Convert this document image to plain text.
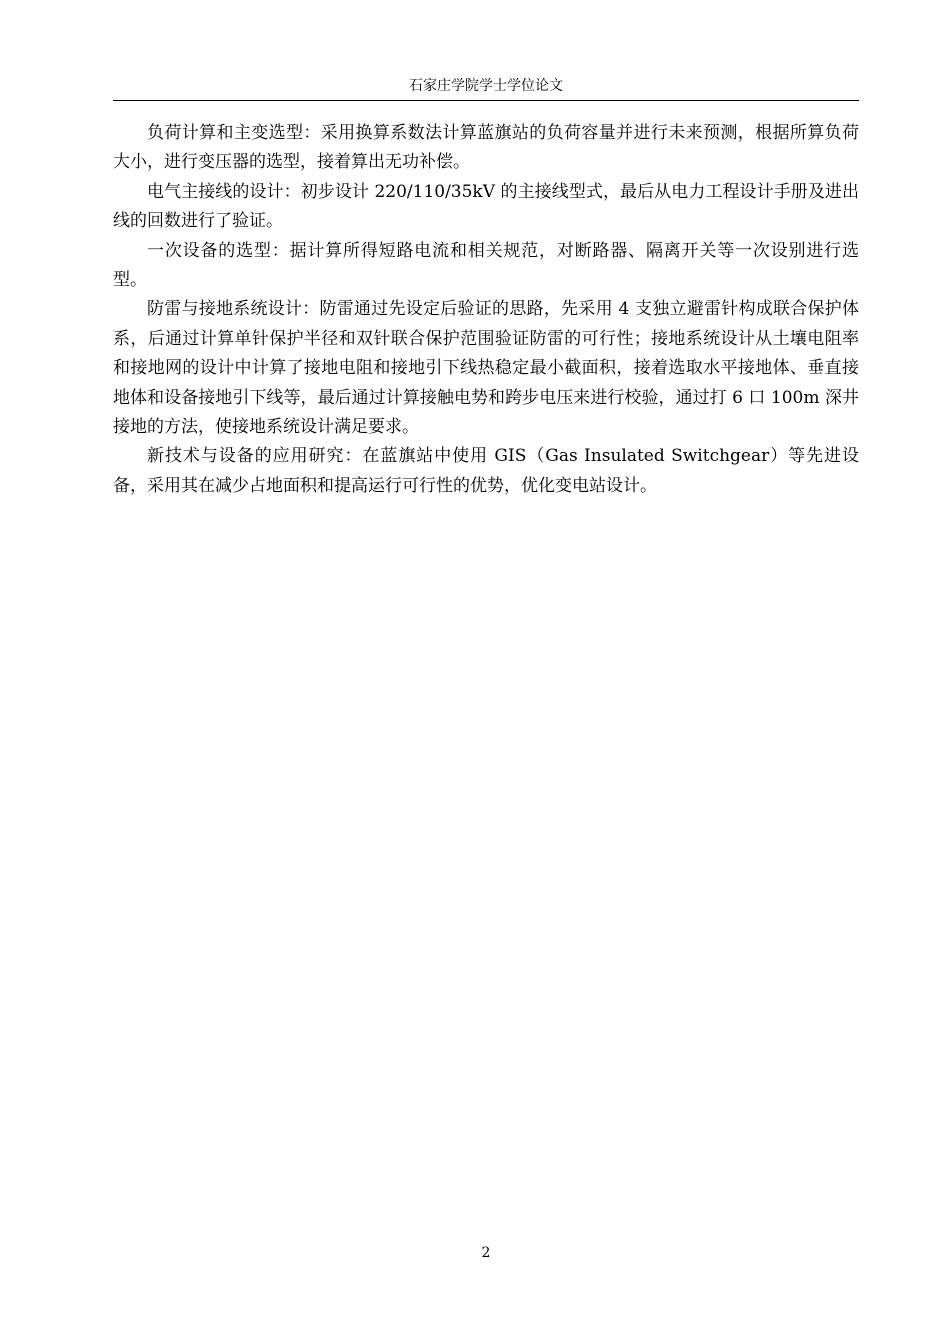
石家庄学院学士学位论文

负荷计算和主变选型：采用换算系数法计算蓝旗站的负荷容量并进行未来预测，根据所算负荷大小，进行变压器的选型，接着算出无功补偿。

电气主接线的设计：初步设计 220/110/35kV 的主接线型式，最后从电力工程设计手册及进出线的回数进行了验证。

一次设备的选型：据计算所得短路电流和相关规范，对断路器、隔离开关等一次设别进行选型。

防雷与接地系统设计：防雷通过先设定后验证的思路，先采用 4 支独立避雷针构成联合保护体系，后通过计算单针保护半径和双针联合保护范围验证防雷的可行性；接地系统设计从土壤电阻率和接地网的设计中计算了接地电阻和接地引下线热稳定最小截面积，接着选取水平接地体、垂直接地体和设备接地引下线等，最后通过计算接触电势和跨步电压来进行校验，通过打 6 口 100m 深井接地的方法，使接地系统设计满足要求。

新技术与设备的应用研究：在蓝旗站中使用 GIS（Gas Insulated Switchgear）等先进设备，采用其在减少占地面积和提高运行可行性的优势，优化变电站设计。

2
